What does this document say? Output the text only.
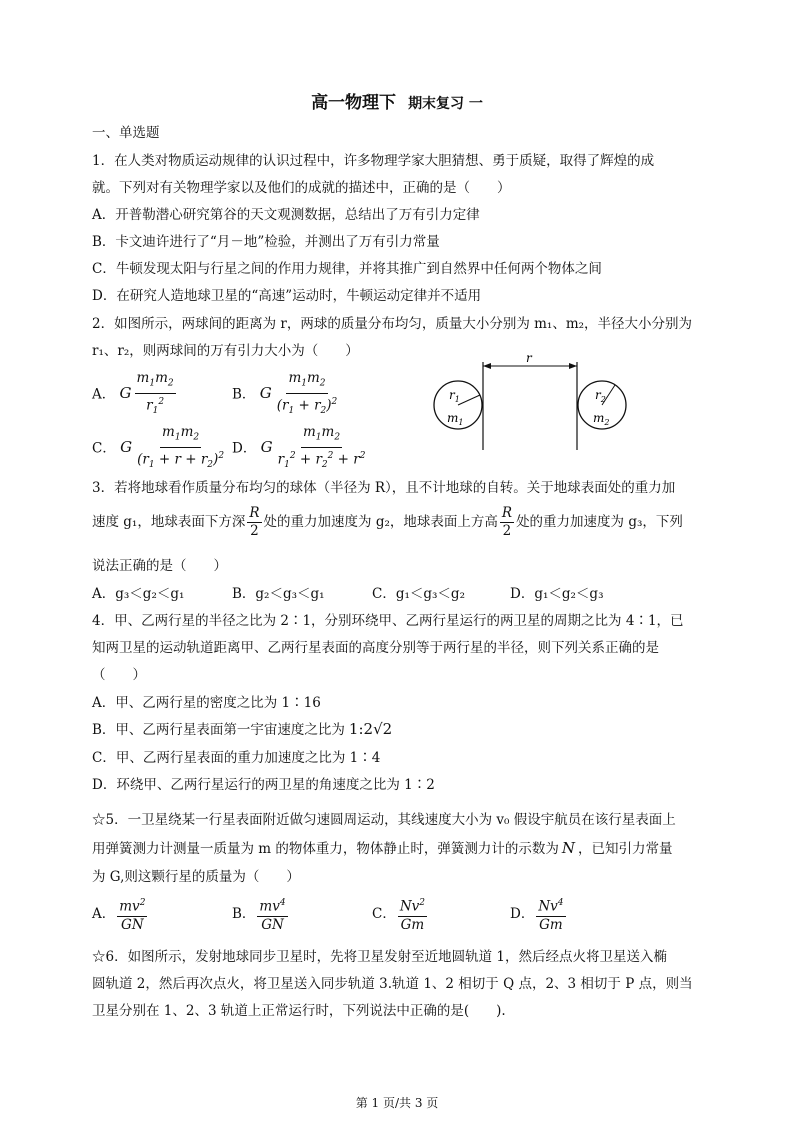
高一物理下 期末复习 一
一、单选题
1．在人类对物质运动规律的认识过程中，许多物理学家大胆猜想、勇于质疑，取得了辉煌的成
就。下列对有关物理学家以及他们的成就的描述中，正确的是（　　）
A．开普勒潜心研究第谷的天文观测数据，总结出了万有引力定律
B．卡文迪许进行了“月－地”检验，并测出了万有引力常量
C．牛顿发现太阳与行星之间的作用力规律，并将其推广到自然界中任何两个物体之间
D．在研究人造地球卫星的“高速”运动时，牛顿运动定律并不适用
2．如图所示，两球间的距离为 r，两球的质量分布均匀，质量大小分别为 m₁、m₂，半径大小分别为
r₁、r₂，则两球间的万有引力大小为（　　）
A． G $\frac{m_1m_2}{r_1^2}$	B． G $\frac{m_1m_2}{(r_1 + r_2)^2}$
C． G $\frac{m_1m_2}{(r_1 + r + r_2)^2}$ D． G $\frac{m_1m_2}{r_1^2 + r_2^2 + r^2}$
r
$r_1$
$m_1$
$r_2$
$m_2$
3．若将地球看作质量分布均匀的球体（半径为 R），且不计地球的自转。关于地球表面处的重力加
速度 g₁，地球表面下方深 $\frac{R}{2}$ 处的重力加速度为 g₂，地球表面上方高 $\frac{R}{2}$ 处的重力加速度为 g₃，下列
说法正确的是（　　）
A．g₃＜g₂＜g₁	B．g₂＜g₃＜g₁	C．g₁＜g₃＜g₂	D．g₁＜g₂＜g₃
4．甲、乙两行星的半径之比为 2∶1，分别环绕甲、乙两行星运行的两卫星的周期之比为 4∶1，已
知两卫星的运动轨道距离甲、乙两行星表面的高度分别等于两行星的半径，则下列关系正确的是
（　　）
A．甲、乙两行星的密度之比为 1∶16
B．甲、乙两行星表面第一宇宙速度之比为 1:2√2
C．甲、乙两行星表面的重力加速度之比为 1∶4
D．环绕甲、乙两行星运行的两卫星的角速度之比为 1∶2
☆5．一卫星绕某一行星表面附近做匀速圆周运动，其线速度大小为 v₀ 假设宇航员在该行星表面上
用弹簧测力计测量一质量为 m 的物体重力，物体静止时，弹簧测力计的示数为 N ，已知引力常量
为 G,则这颗行星的质量为（　　）
A． $\frac{mv^2}{GN}$	B． $\frac{mv^4}{GN}$	C． $\frac{Nv^2}{Gm}$	D． $\frac{Nv^4}{Gm}$
☆6．如图所示，发射地球同步卫星时，先将卫星发射至近地圆轨道 1，然后经点火将卫星送入椭
圆轨道 2，然后再次点火，将卫星送入同步轨道 3.轨道 1、2 相切于 Q 点，2、3 相切于 P 点，则当
卫星分别在 1、2、3 轨道上正常运行时，下列说法中正确的是(　　).
第 1 页/共 3 页
